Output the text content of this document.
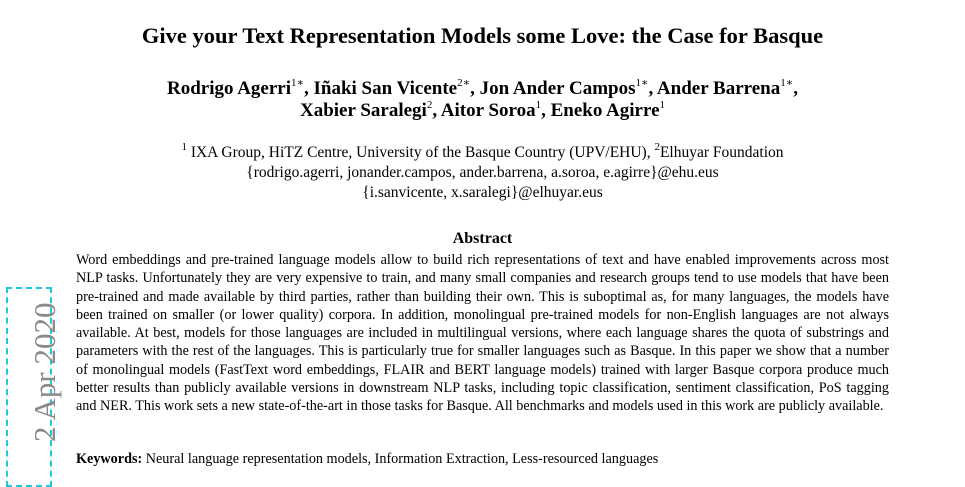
Give your Text Representation Models some Love: the Case for Basque
Rodrigo Agerri$^{1∗}$, Iñaki San Vicente$^{2∗}$, Jon Ander Campos$^{1∗}$, Ander Barrena$^{1∗}$,
Xabier Saralegi$^2$, Aitor Soroa$^1$, Eneko Agirre$^1$
$^1$ IXA Group, HiTZ Centre, University of the Basque Country (UPV/EHU), $^2$Elhuyar Foundation
{rodrigo.agerri, jonander.campos, ander.barrena, a.soroa, e.agirre}@ehu.eus
{i.sanvicente, x.saralegi}@elhuyar.eus
Abstract

Word embeddings and pre-trained language models allow to build rich representations of text and have enabled improvements across most NLP tasks. Unfortunately they are very expensive to train, and many small companies and research groups tend to use models that have been pre-trained and made available by third parties, rather than building their own. This is suboptimal as, for many languages, the models have been trained on smaller (or lower quality) corpora. In addition, monolingual pre-trained models for non-English languages are not always available. At best, models for those languages are included in multilingual versions, where each language shares the quota of substrings and parameters with the rest of the languages. This is particularly true for smaller languages such as Basque. In this paper we show that a number of monolingual models (FastText word embeddings, FLAIR and BERT language models) trained with larger Basque corpora produce much better results than publicly available versions in downstream NLP tasks, including topic classification, sentiment classification, PoS tagging and NER. This work sets a new state-of-the-art in those tasks for Basque. All benchmarks and models used in this work are publicly available.

Keywords: Neural language representation models, Information Extraction, Less-resourced languages
2 Apr 2020
